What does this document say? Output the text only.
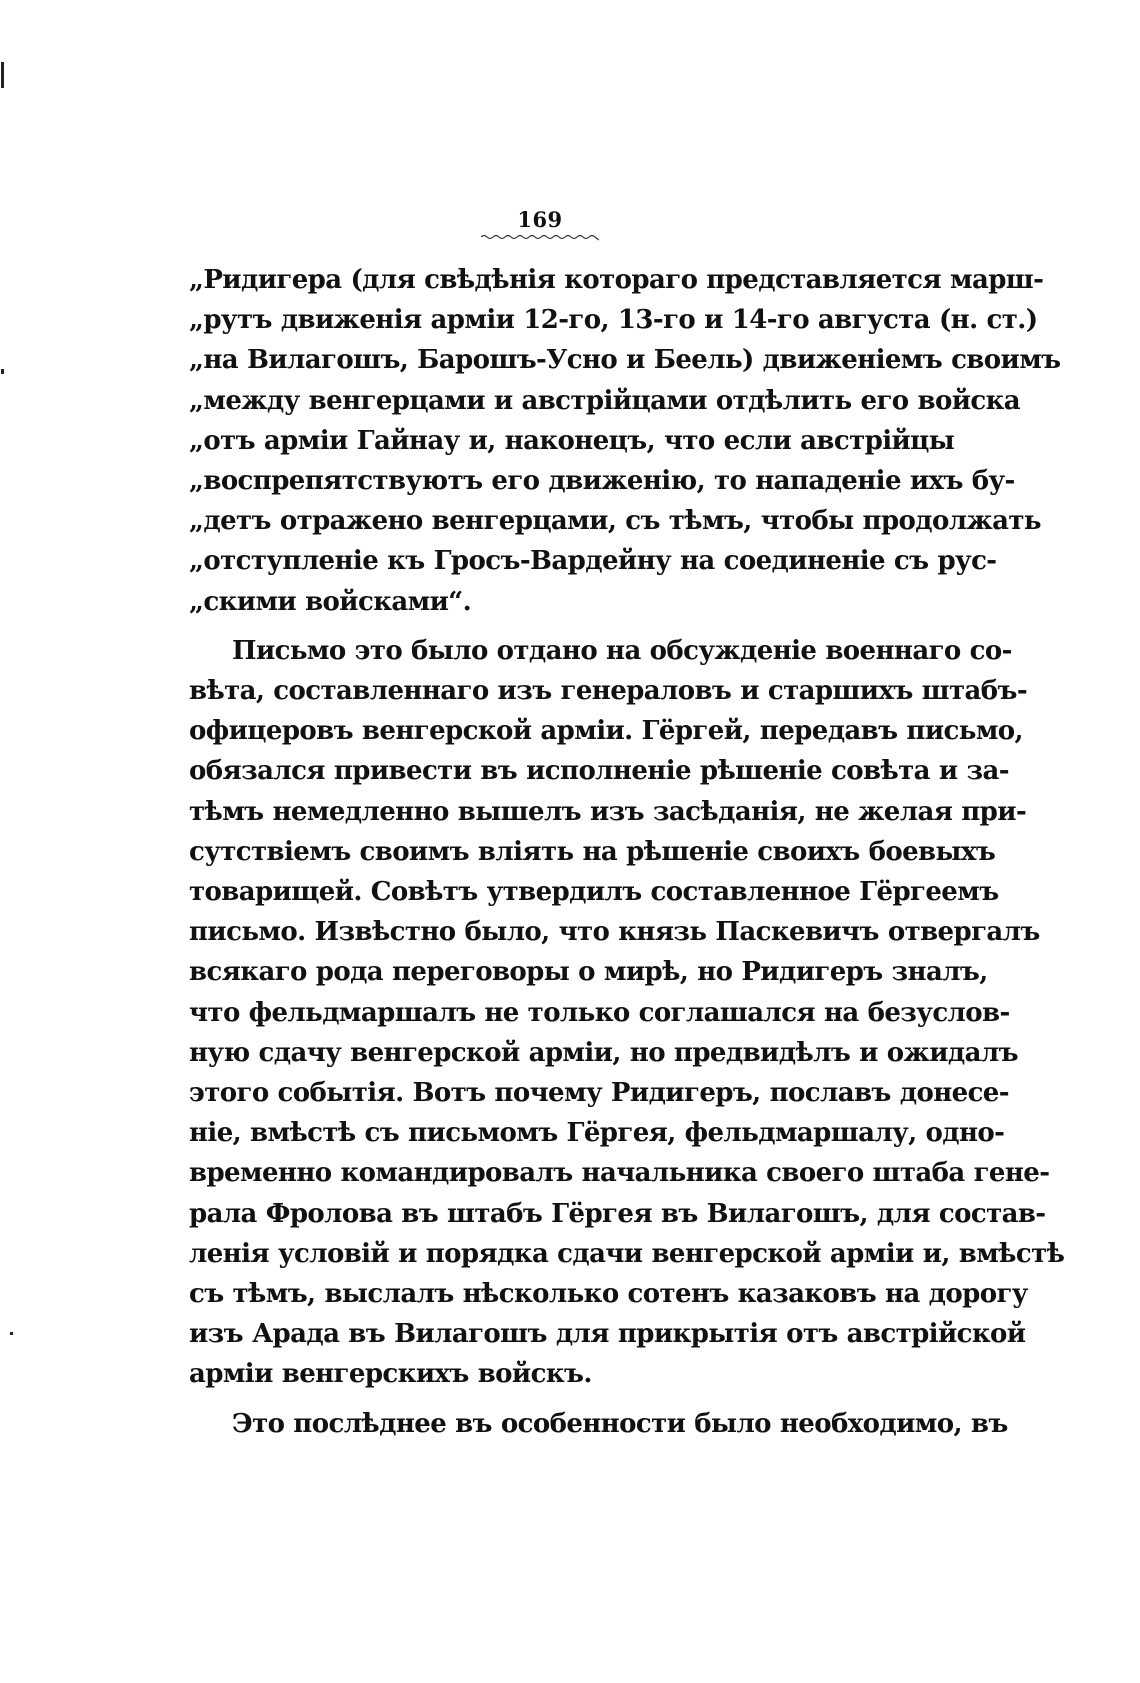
169
„Ридигера (для свѣдѣнія котораго представляется марш-
„рутъ движенія арміи 12-го, 13-го и 14-го августа (н. ст.)
„на Вилагошъ, Барошъ-Усно и Беель) движеніемъ своимъ
„между венгерцами и австрійцами отдѣлить его войска
„отъ арміи Гайнау и, наконецъ, что если австрійцы
„воспрепятствуютъ его движенію, то нападеніе ихъ бу-
„детъ отражено венгерцами, съ тѣмъ, чтобы продолжать
„отступленіе къ Гросъ-Вардейну на соединеніе съ рус-
„скими войсками“.
Письмо это было отдано на обсужденіе военнаго со-
вѣта, составленнаго изъ генераловъ и старшихъ штабъ-
офицеровъ венгерской арміи. Гёргей, передавъ письмо,
обязался привести въ исполненіе рѣшеніе совѣта и за-
тѣмъ немедленно вышелъ изъ засѣданія, не желая при-
сутствіемъ своимъ вліять на рѣшеніе своихъ боевыхъ
товарищей. Совѣтъ утвердилъ составленное Гёргеемъ
письмо. Извѣстно было, что князь Паскевичъ отвергалъ
всякаго рода переговоры о мирѣ, но Ридигеръ зналъ,
что фельдмаршалъ не только соглашался на безуслов-
ную сдачу венгерской арміи, но предвидѣлъ и ожидалъ
этого событія. Вотъ почему Ридигеръ, пославъ донесе-
ніе, вмѣстѣ съ письмомъ Гёргея, фельдмаршалу, одно-
временно командировалъ начальника своего штаба гене-
рала Фролова въ штабъ Гёргея въ Вилагошъ, для состав-
ленія условій и порядка сдачи венгерской арміи и, вмѣстѣ
съ тѣмъ, выслалъ нѣсколько сотенъ казаковъ на дорогу
изъ Арада въ Вилагошъ для прикрытія отъ австрійской
арміи венгерскихъ войскъ.
Это послѣднее въ особенности было необходимо, въ
